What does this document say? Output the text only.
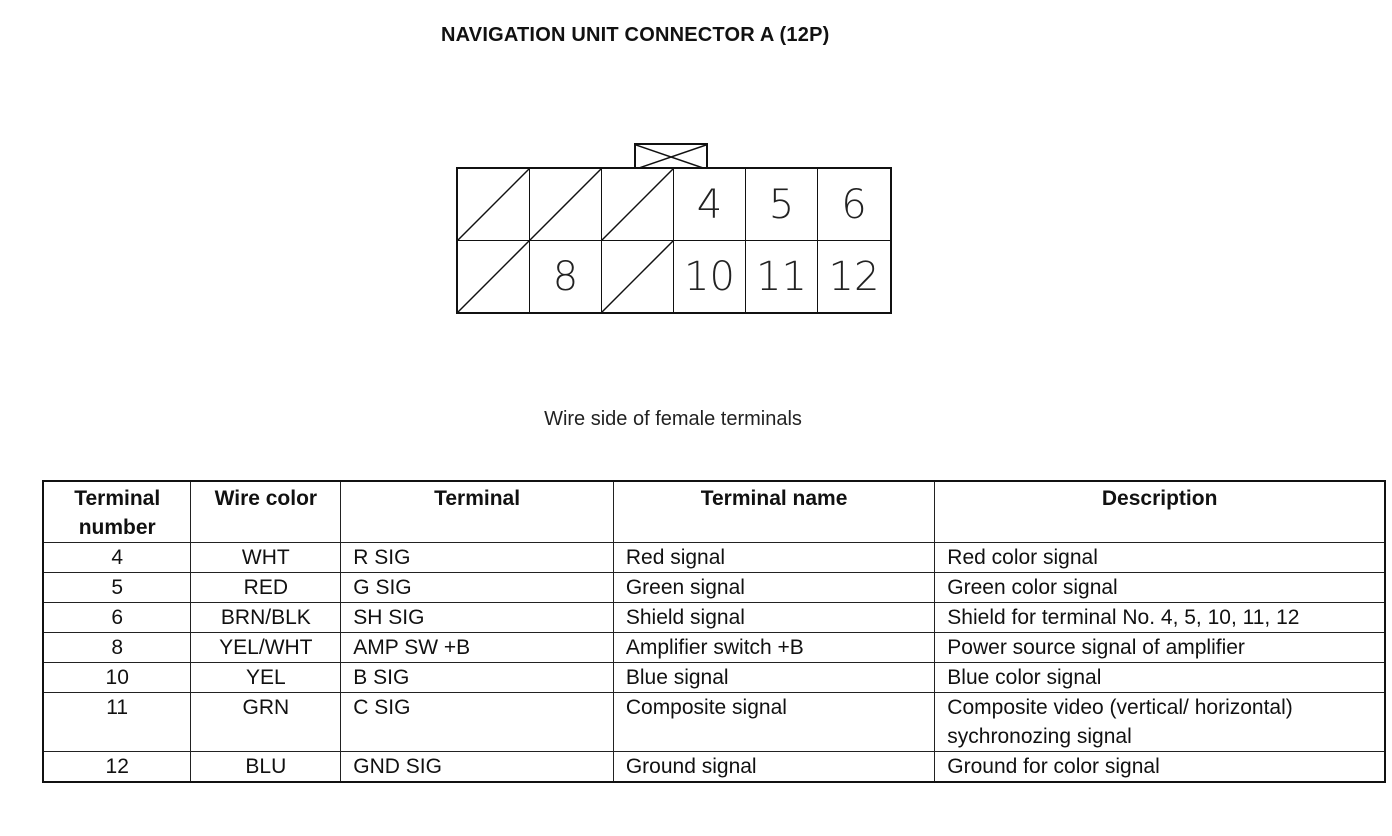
NAVIGATION UNIT CONNECTOR A (12P)
4 5 6
8	10 11 12
Wire side of female terminals
Terminal number	Wire color	Terminal	Terminal name	Description
4	WHT	R SIG	Red signal	Red color signal
5	RED	G SIG	Green signal	Green color signal
6	BRN/BLK	SH SIG	Shield signal	Shield for terminal No. 4, 5, 10, 11, 12
8	YEL/WHT	AMP SW +B	Amplifier switch +B	Power source signal of amplifier
10	YEL	B SIG	Blue signal	Blue color signal
11	GRN	C SIG	Composite signal	Composite video (vertical/ horizontal) sychronozing signal
12	BLU	GND SIG	Ground signal	Ground for color signal
